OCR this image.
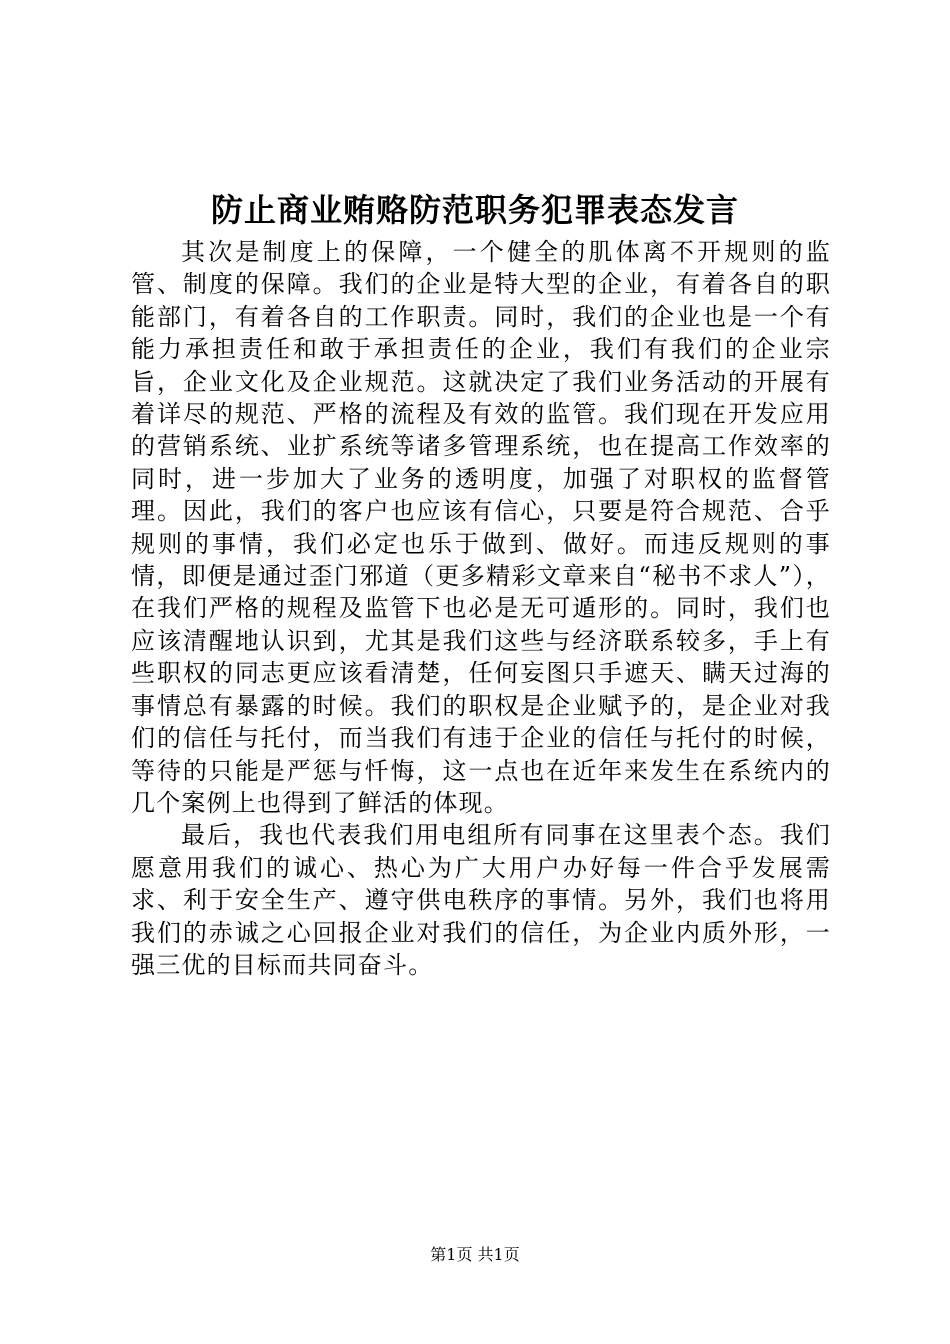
防止商业贿赂防范职务犯罪表态发言

其次是制度上的保障，一个健全的肌体离不开规则的监管、制度的保障。我们的企业是特大型的企业，有着各自的职能部门，有着各自的工作职责。同时，我们的企业也是一个有能力承担责任和敢于承担责任的企业，我们有我们的企业宗旨，企业文化及企业规范。这就决定了我们业务活动的开展有着详尽的规范、严格的流程及有效的监管。我们现在开发应用的营销系统、业扩系统等诸多管理系统，也在提高工作效率的同时，进一步加大了业务的透明度，加强了对职权的监督管理。因此，我们的客户也应该有信心，只要是符合规范、合乎规则的事情，我们必定也乐于做到、做好。而违反规则的事情，即便是通过歪门邪道（更多精彩文章来自“秘书不求人”），在我们严格的规程及监管下也必是无可遁形的。同时，我们也应该清醒地认识到，尤其是我们这些与经济联系较多，手上有些职权的同志更应该看清楚，任何妄图只手遮天、瞒天过海的事情总有暴露的时候。我们的职权是企业赋予的，是企业对我们的信任与托付，而当我们有违于企业的信任与托付的时候，等待的只能是严惩与忏悔，这一点也在近年来发生在系统内的几个案例上也得到了鲜活的体现。

最后，我也代表我们用电组所有同事在这里表个态。我们愿意用我们的诚心、热心为广大用户办好每一件合乎发展需求、利于安全生产、遵守供电秩序的事情。另外，我们也将用我们的赤诚之心回报企业对我们的信任，为企业内质外形，一强三优的目标而共同奋斗。

第1页 共1页
